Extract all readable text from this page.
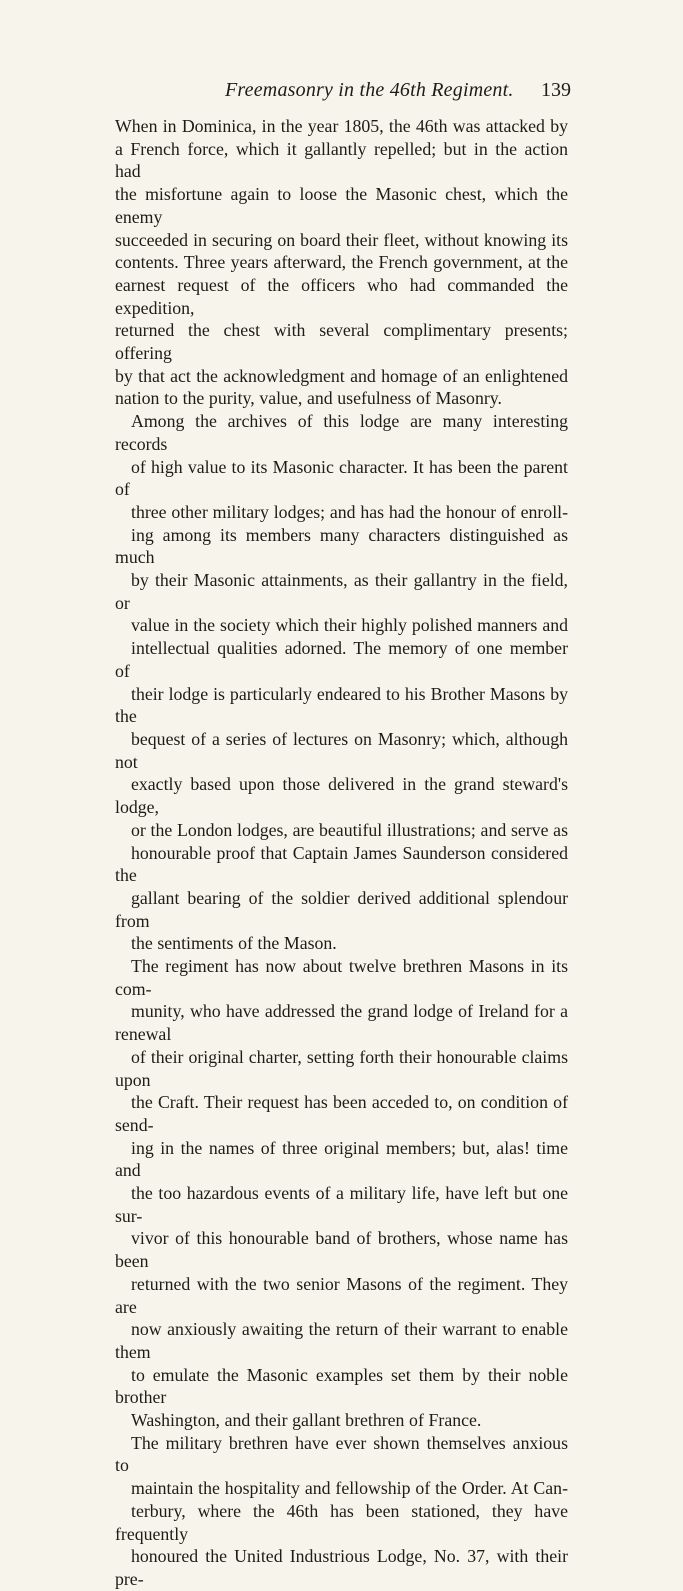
Freemasonry in the 46th Regiment. 139

When in Dominica, in the year 1805, the 46th was attacked by
a French force, which it gallantly repelled; but in the action had
the misfortune again to loose the Masonic chest, which the enemy
succeeded in securing on board their fleet, without knowing its
contents. Three years afterward, the French government, at the
earnest request of the officers who had commanded the expedition,
returned the chest with several complimentary presents; offering
by that act the acknowledgment and homage of an enlightened
nation to the purity, value, and usefulness of Masonry.

Among the archives of this lodge are many interesting records
of high value to its Masonic character. It has been the parent of
three other military lodges; and has had the honour of enroll-
ing among its members many characters distinguished as much
by their Masonic attainments, as their gallantry in the field, or
value in the society which their highly polished manners and
intellectual qualities adorned. The memory of one member of
their lodge is particularly endeared to his Brother Masons by the
bequest of a series of lectures on Masonry; which, although not
exactly based upon those delivered in the grand steward's lodge,
or the London lodges, are beautiful illustrations; and serve as
honourable proof that Captain James Saunderson considered the
gallant bearing of the soldier derived additional splendour from
the sentiments of the Mason.

The regiment has now about twelve brethren Masons in its com-
munity, who have addressed the grand lodge of Ireland for a renewal
of their original charter, setting forth their honourable claims upon
the Craft. Their request has been acceded to, on condition of send-
ing in the names of three original members; but, alas! time and
the too hazardous events of a military life, have left but one sur-
vivor of this honourable band of brothers, whose name has been
returned with the two senior Masons of the regiment. They are
now anxiously awaiting the return of their warrant to enable them
to emulate the Masonic examples set them by their noble brother
Washington, and their gallant brethren of France.

The military brethren have ever shown themselves anxious to
maintain the hospitality and fellowship of the Order. At Can-
terbury, where the 46th has been stationed, they have frequently
honoured the United Industrious Lodge, No. 37, with their pre-
